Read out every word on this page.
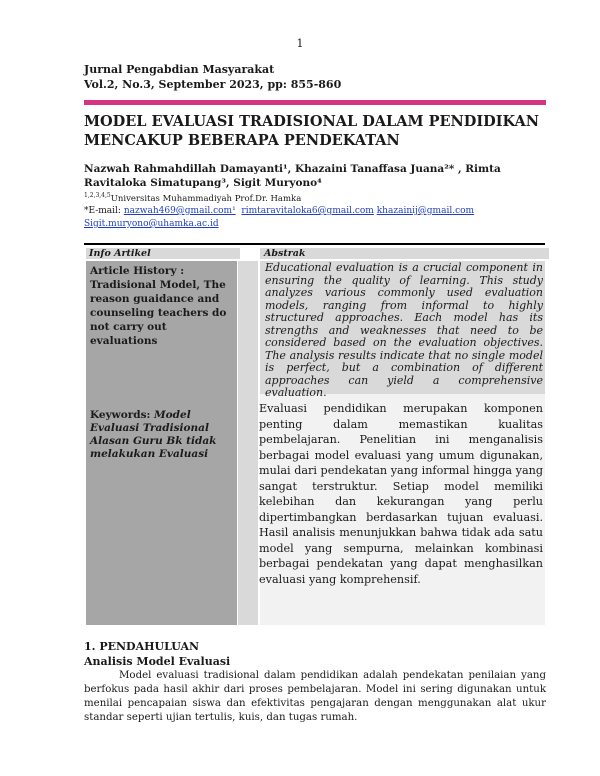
1
Jurnal Pengabdian Masyarakat
Vol.2, No.3, September 2023, pp: 855-860
MODEL EVALUASI TRADISIONAL DALAM PENDIDIKAN MENCAKUP BEBERAPA PENDEKATAN
Nazwah Rahmahdillah Damayanti¹, Khazaini Tanaffasa Juana²* , Rimta Ravitaloka Simatupang³, Sigit Muryono⁴
$^{1,2,3,4,5}$Universitas Muhammadiyah Prof.Dr. Hamka
*E-mail: nazwah469@gmail.com¹ rimtaravitaloka6@gmail.com khazainij@gmail.com
Sigit.muryono@uhamka.ac.id
Info Artikel	Abstrak
Article History : Tradisional Model, The reason guaidance and counseling teachers do not carry out evaluations
Keywords: Model Evaluasi Tradisional Alasan Guru Bk tidak melakukan Evaluasi
Educational evaluation is a crucial component in ensuring the quality of learning. This study analyzes various commonly used evaluation models, ranging from informal to highly structured approaches. Each model has its strengths and weaknesses that need to be considered based on the evaluation objectives. The analysis results indicate that no single model is perfect, but a combination of different approaches can yield a comprehensive evaluation.
Evaluasi pendidikan merupakan komponen penting dalam memastikan kualitas pembelajaran. Penelitian ini menganalisis berbagai model evaluasi yang umum digunakan, mulai dari pendekatan yang informal hingga yang sangat terstruktur. Setiap model memiliki kelebihan dan kekurangan yang perlu dipertimbangkan berdasarkan tujuan evaluasi. Hasil analisis menunjukkan bahwa tidak ada satu model yang sempurna, melainkan kombinasi berbagai pendekatan yang dapat menghasilkan evaluasi yang komprehensif.
1. PENDAHULUAN
Analisis Model Evaluasi
Model evaluasi tradisional dalam pendidikan adalah pendekatan penilaian yang berfokus pada hasil akhir dari proses pembelajaran. Model ini sering digunakan untuk menilai pencapaian siswa dan efektivitas pengajaran dengan menggunakan alat ukur standar seperti ujian tertulis, kuis, dan tugas rumah.
